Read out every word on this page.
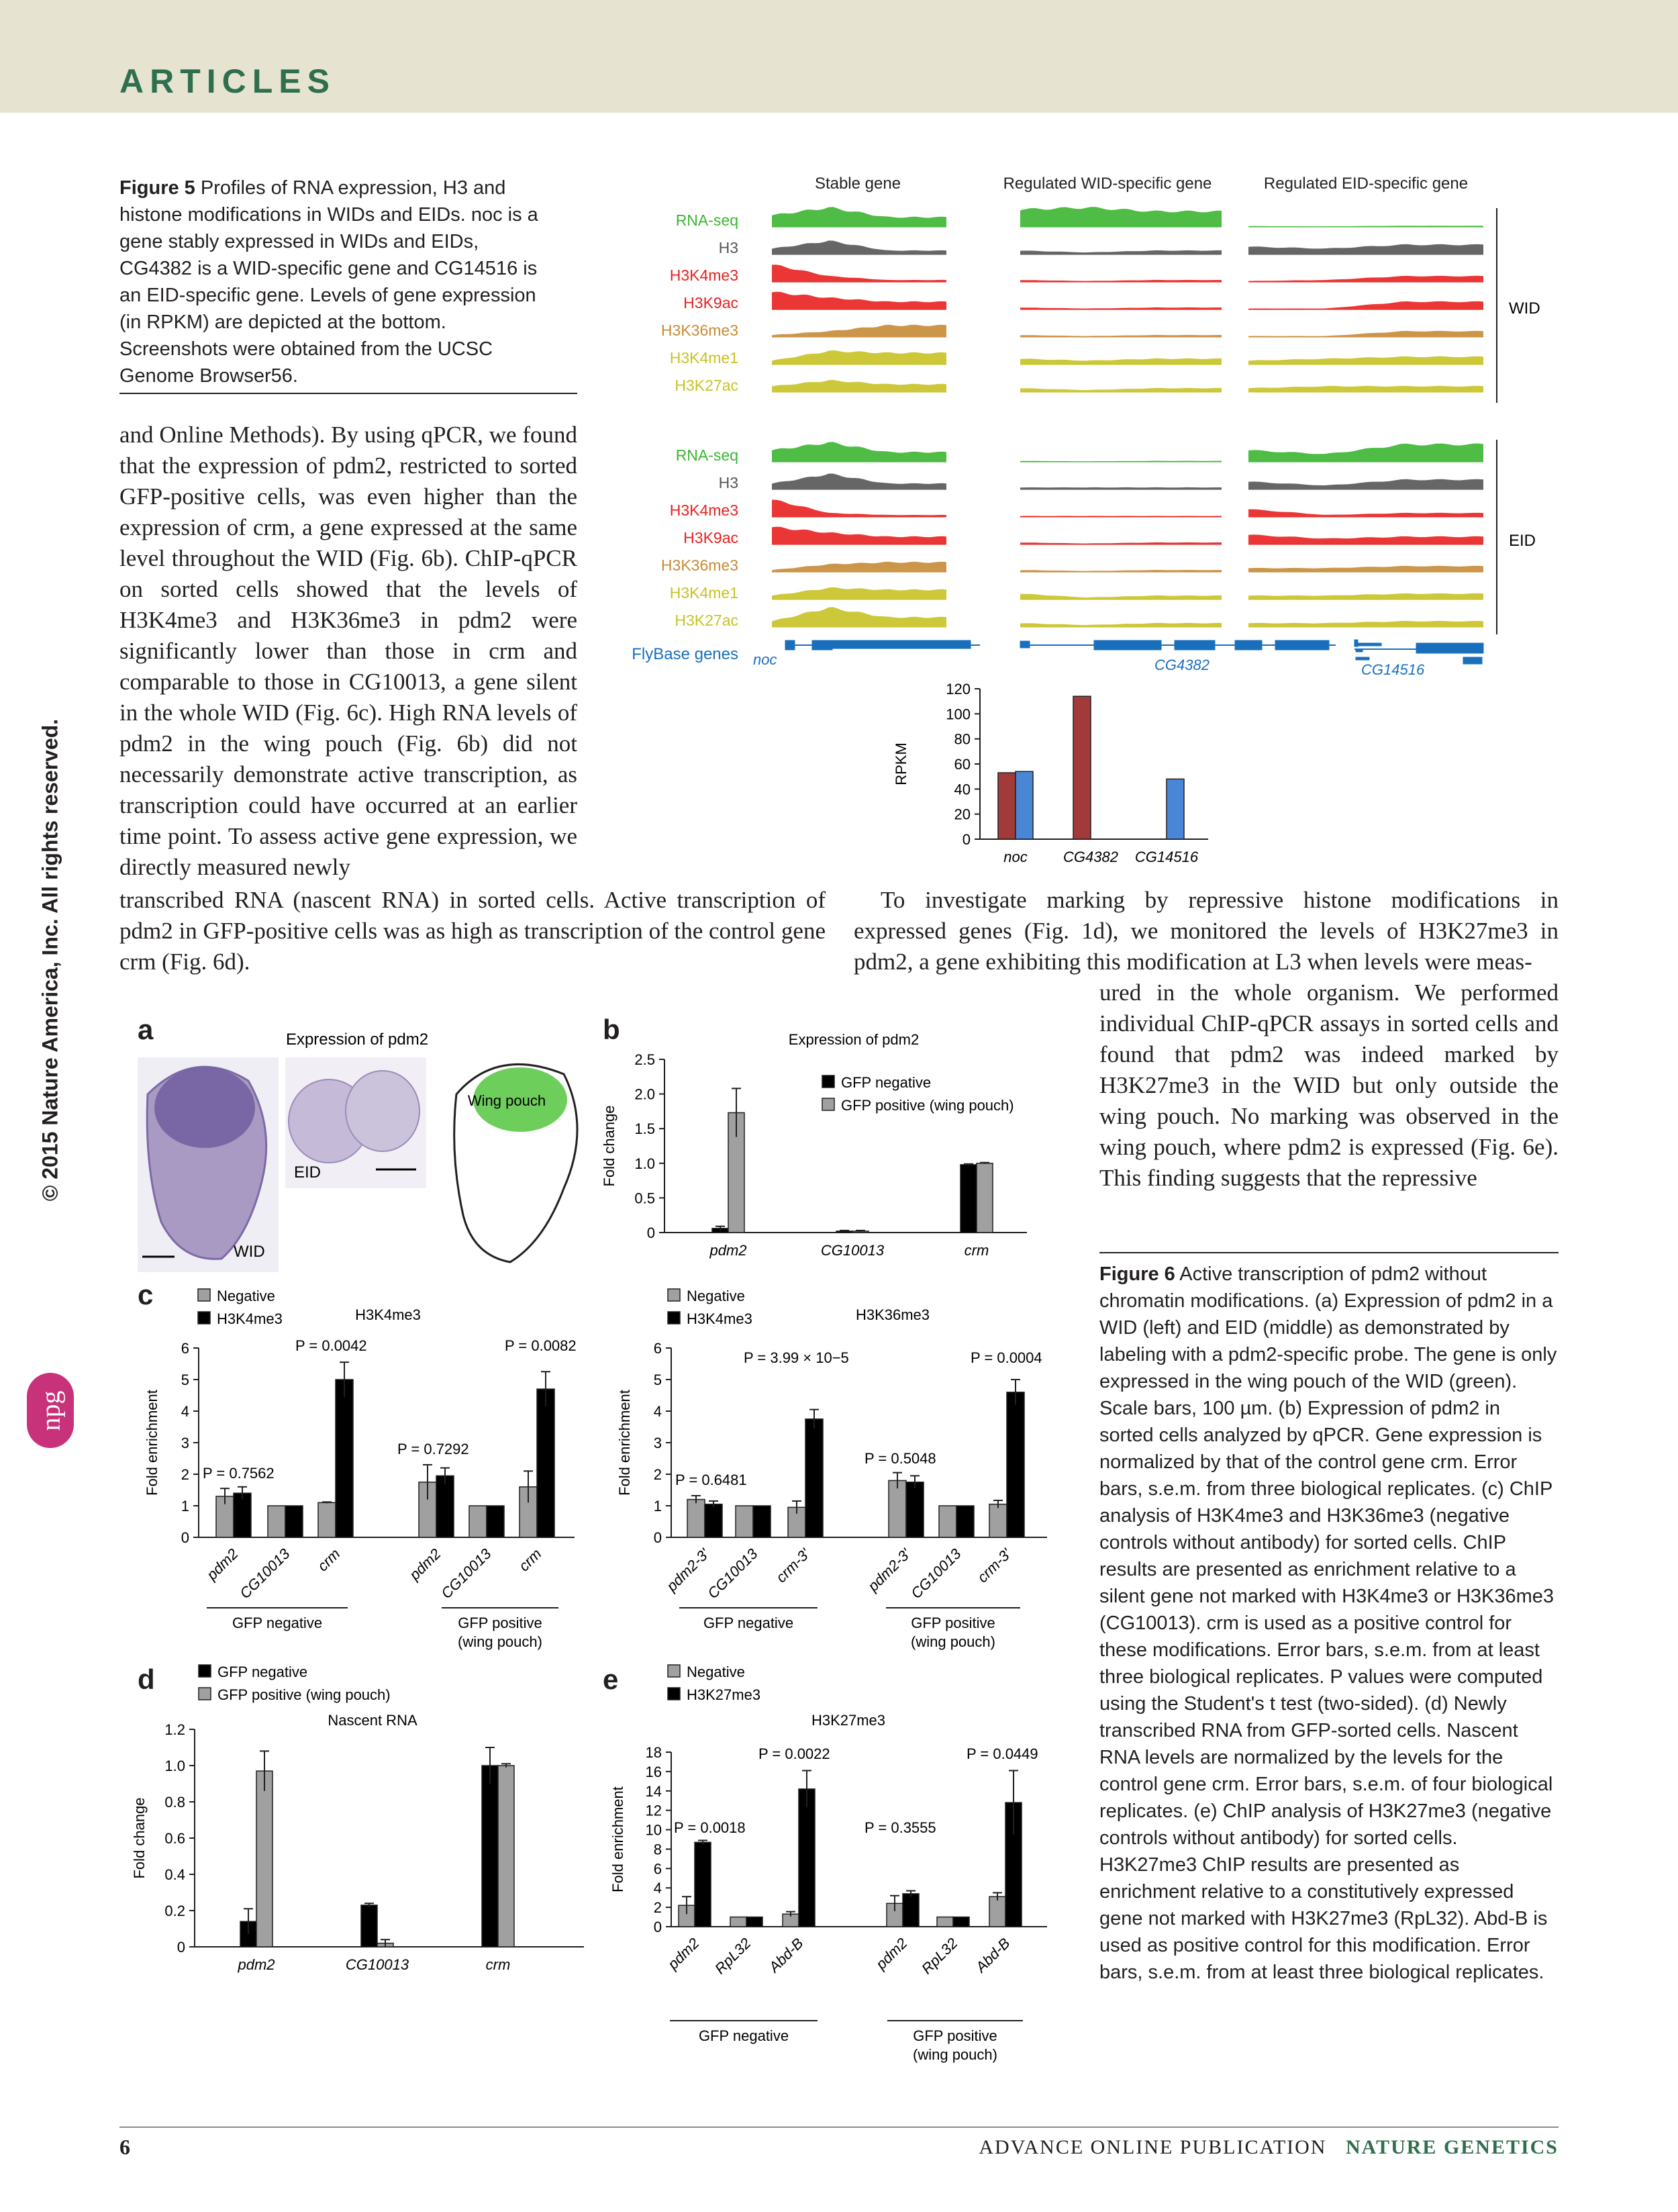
ARTICLES
© 2015 Nature America, Inc. All rights reserved.
npg
Figure 5 Profiles of RNA expression, H3 and histone modifications in WIDs and EIDs. noc is a gene stably expressed in WIDs and EIDs, CG4382 is a WID-specific gene and CG14516 is an EID-specific gene. Levels of gene expression (in RPKM) are depicted at the bottom. Screenshots were obtained from the UCSC Genome Browser56.
Stable gene	Regulated WID-specific gene	Regulated EID-specific gene
RNA-seq
H3
H3K4me3
H3K9ac
H3K36me3
H3K4me1
H3K27ac
RNA-seq
H3
H3K4me3
H3K9ac
H3K36me3
H3K4me1
H3K27ac
WID
EID
FlyBase genes noc	CG4382	CG14516
0
20
40
60
80
100
120
RPKM
noc CG4382 CG14516
and Online Methods). By using qPCR, we found that the expression of pdm2, restricted to sorted GFP-positive cells, was even higher than the expression of crm, a gene expressed at the same level throughout the WID (Fig. 6b). ChIP-qPCR on sorted cells showed that the levels of H3K4me3 and H3K36me3 in pdm2 were significantly lower than those in crm and comparable to those in CG10013, a gene silent in the whole WID (Fig. 6c). High RNA levels of pdm2 in the wing pouch (Fig. 6b) did not necessarily demonstrate active transcription, as transcription could have occurred at an earlier time point. To assess active gene expression, we directly measured newly
transcribed RNA (nascent RNA) in sorted cells. Active transcription of pdm2 in GFP-positive cells was as high as transcription of the control gene crm (Fig. 6d).
To investigate marking by repressive histone modifications in expressed genes (Fig. 1d), we monitored the levels of H3K27me3 in pdm2, a gene exhibiting this modification at L3 when levels were meas-
ured in the whole organism. We performed individual ChIP-qPCR assays in sorted cells and found that pdm2 was indeed marked by H3K27me3 in the WID but only outside the wing pouch. No marking was observed in the wing pouch, where pdm2 is expressed (Fig. 6e). This finding suggests that the repressive
a	Expression of pdm2
WID
EID
Wing pouch
b
0
0.5
1.0
1.5
2.0
2.5
Fold change
Expression of pdm2
pdm2	CG10013	crm
GFP negative
GFP positive (wing pouch)
c
0
1
2
3
4
5
6
Fold enrichment
H3K4me3
pdm2
CG10013 crm	pdm2
CG10013 crm
GFP negative	GFP positive
(wing pouch)
Negative
H3K4me3
P = 0.7562
P = 0.0042
P = 0.7292
P = 0.0082
0
1
2
3
4
5
6
Fold enrichment
H3K36me3
pdm2-3'
CG10013 crm-3'	pdm2-3'
CG10013 crm-3'
GFP negative	GFP positive
(wing pouch)
Negative
H3K4me3
P = 0.6481
P = 3.99 × 10−5
P = 0.5048
P = 0.0004
d
0
0.2
0.4
0.6
0.8
1.0
1.2
Fold change
Nascent RNA
pdm2	CG10013	crm
GFP negative
GFP positive (wing pouch)	e
0
2
4
6
8
10
12
14
16
18
Fold enrichment
H3K27me3
pdm2 RpL32 Abd-B	pdm2 RpL32 Abd-B
GFP negative	GFP positive
(wing pouch)
Negative
H3K27me3
P = 0.0018
P = 0.0022
P = 0.3555
P = 0.0449
Figure 6 Active transcription of pdm2 without chromatin modifications. (a) Expression of pdm2 in a WID (left) and EID (middle) as demonstrated by labeling with a pdm2-specific probe. The gene is only expressed in the wing pouch of the WID (green). Scale bars, 100 µm. (b) Expression of pdm2 in sorted cells analyzed by qPCR. Gene expression is normalized by that of the control gene crm. Error bars, s.e.m. from three biological replicates. (c) ChIP analysis of H3K4me3 and H3K36me3 (negative controls without antibody) for sorted cells. ChIP results are presented as enrichment relative to a silent gene not marked with H3K4me3 or H3K36me3 (CG10013). crm is used as a positive control for these modifications. Error bars, s.e.m. from at least three biological replicates. P values were computed using the Student's t test (two-sided). (d) Newly transcribed RNA from GFP-sorted cells. Nascent RNA levels are normalized by the levels for the control gene crm. Error bars, s.e.m. of four biological replicates. (e) ChIP analysis of H3K27me3 (negative controls without antibody) for sorted cells. H3K27me3 ChIP results are presented as enrichment relative to a constitutively expressed gene not marked with H3K27me3 (RpL32). Abd-B is used as positive control for this modification. Error bars, s.e.m. from at least three biological replicates.
6	ADVANCE ONLINE PUBLICATION NATURE GENETICS
